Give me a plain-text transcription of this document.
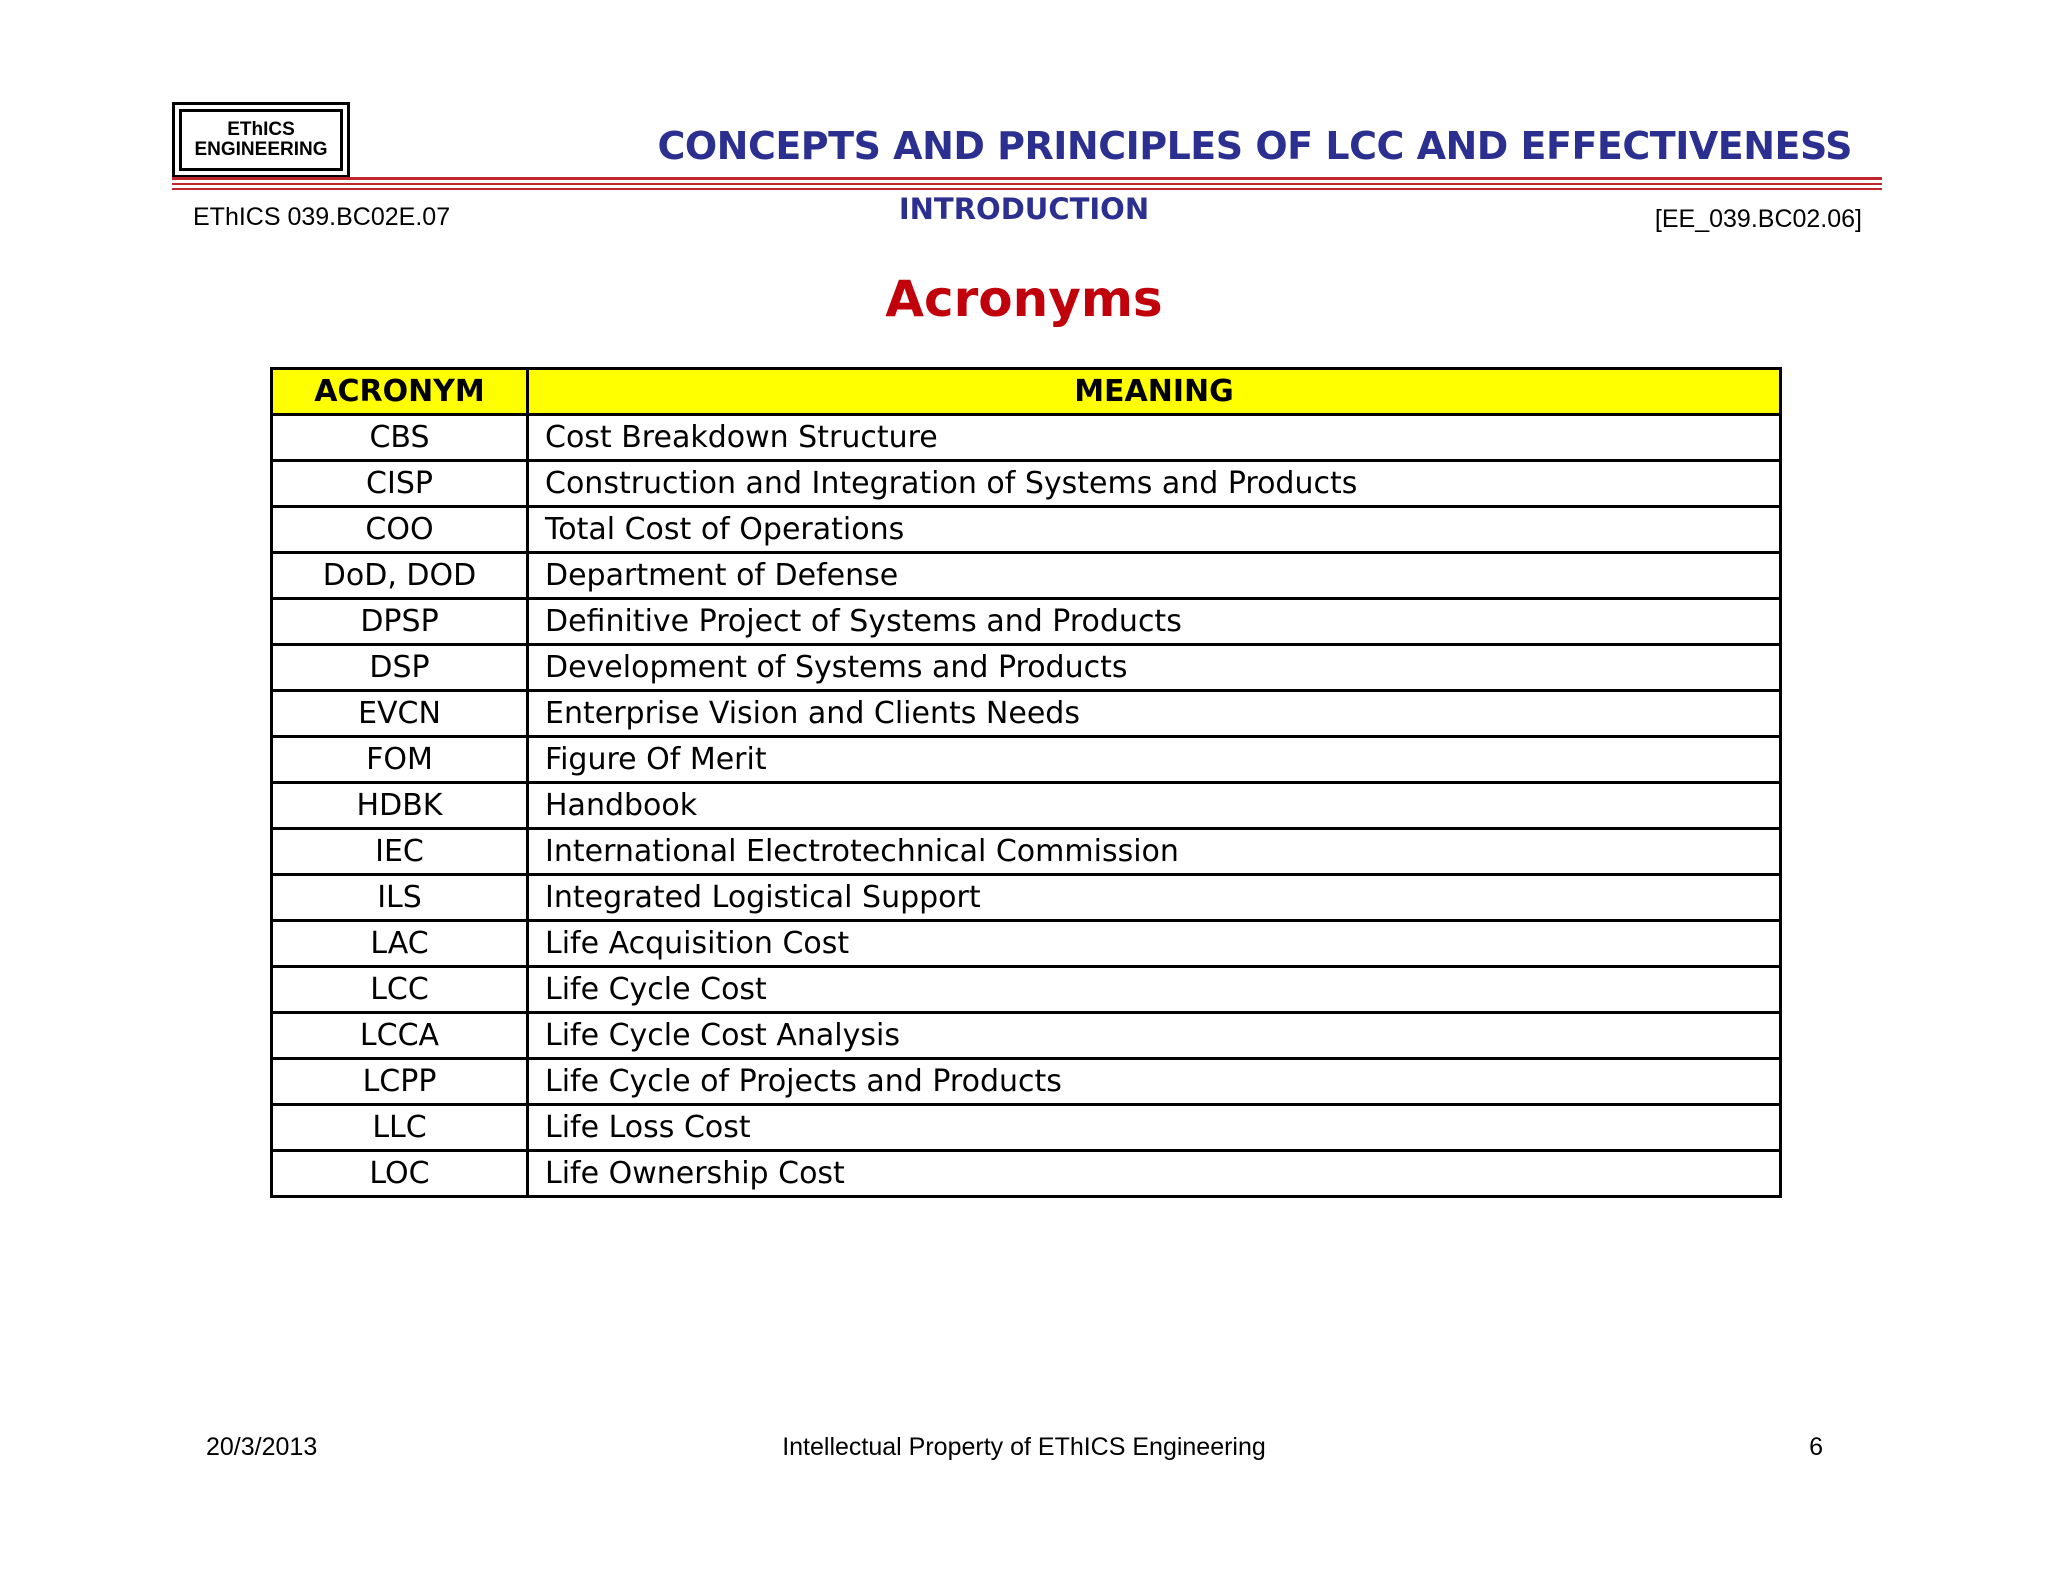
EThICS
ENGINEERING	CONCEPTS AND PRINCIPLES OF LCC AND EFFECTIVENESS
EThICS 039.BC02E.07	INTRODUCTION	[EE_039.BC02.06]
Acronyms
ACRONYM	MEANING
CBS	Cost Breakdown Structure
CISP	Construction and Integration of Systems and Products
COO	Total Cost of Operations
DoD, DOD	Department of Defense
DPSP	Definitive Project of Systems and Products
DSP	Development of Systems and Products
EVCN	Enterprise Vision and Clients Needs
FOM	Figure Of Merit
HDBK	Handbook
IEC	International Electrotechnical Commission
ILS	Integrated Logistical Support
LAC	Life Acquisition Cost
LCC	Life Cycle Cost
LCCA	Life Cycle Cost Analysis
LCPP	Life Cycle of Projects and Products
LLC	Life Loss Cost
LOC	Life Ownership Cost
20/3/2013	Intellectual Property of EThICS Engineering	6
